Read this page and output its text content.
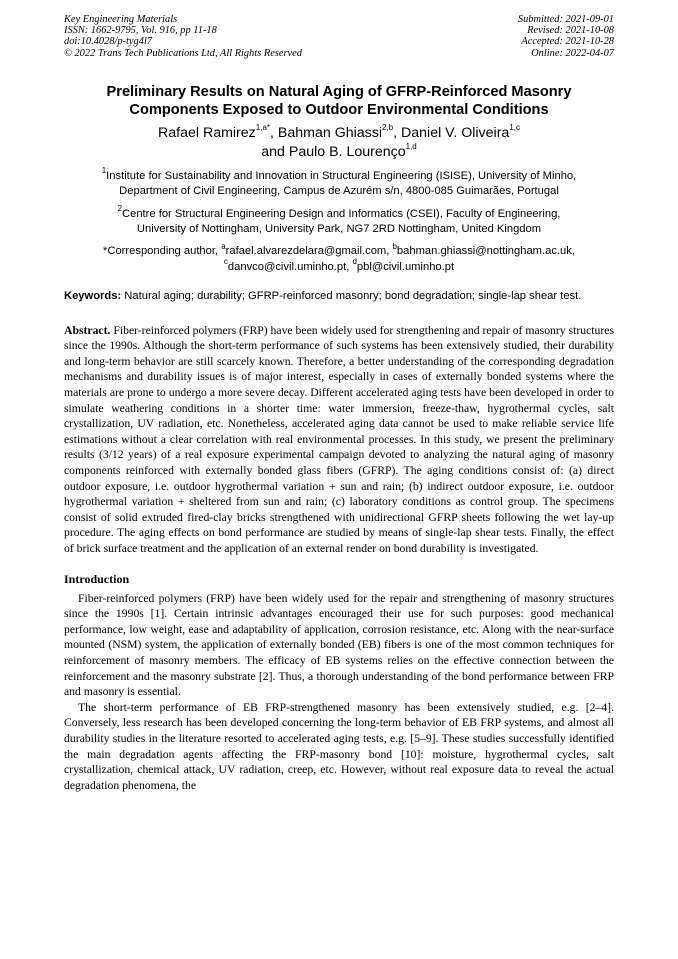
Key Engineering Materials
ISSN: 1662-9795, Vol. 916, pp 11-18
doi:10.4028/p-tyg4l7
© 2022 Trans Tech Publications Ltd, All Rights Reserved
Submitted: 2021-09-01
Revised: 2021-10-08
Accepted: 2021-10-28
Online: 2022-04-07
Preliminary Results on Natural Aging of GFRP-Reinforced Masonry
Components Exposed to Outdoor Environmental Conditions
Rafael Ramirez$^{1,a*}$, Bahman Ghiassi$^{2,b}$, Daniel V. Oliveira$^{1,c}$
and Paulo B. Lourenço$^{1,d}$
$^1$Institute for Sustainability and Innovation in Structural Engineering (ISISE), University of Minho,
Department of Civil Engineering, Campus de Azurém s/n, 4800-085 Guimarães, Portugal
$^2$Centre for Structural Engineering Design and Informatics (CSEI), Faculty of Engineering,
University of Nottingham, University Park, NG7 2RD Nottingham, United Kingdom
*Corresponding author, $^a$rafael.alvarezdelara@gmail.com, $^b$bahman.ghiassi@nottingham.ac.uk,
$^c$danvco@civil.uminho.pt, $^d$pbl@civil.uminho.pt
Keywords: Natural aging; durability; GFRP-reinforced masonry; bond degradation; single-lap shear test.
Abstract. Fiber-reinforced polymers (FRP) have been widely used for strengthening and repair of masonry structures since the 1990s. Although the short-term performance of such systems has been extensively studied, their durability and long-term behavior are still scarcely known. Therefore, a better understanding of the corresponding degradation mechanisms and durability issues is of major interest, especially in cases of externally bonded systems where the materials are prone to undergo a more severe decay. Different accelerated aging tests have been developed in order to simulate weathering conditions in a shorter time: water immersion, freeze-thaw, hygrothermal cycles, salt crystallization, UV radiation, etc. Nonetheless, accelerated aging data cannot be used to make reliable service life estimations without a clear correlation with real environmental processes. In this study, we present the preliminary results (3/12 years) of a real exposure experimental campaign devoted to analyzing the natural aging of masonry components reinforced with externally bonded glass fibers (GFRP). The aging conditions consist of: (a) direct outdoor exposure, i.e. outdoor hygrothermal variation + sun and rain; (b) indirect outdoor exposure, i.e. outdoor hygrothermal variation + sheltered from sun and rain; (c) laboratory conditions as control group. The specimens consist of solid extruded fired-clay bricks strengthened with unidirectional GFRP sheets following the wet lay-up procedure. The aging effects on bond performance are studied by means of single-lap shear tests. Finally, the effect of brick surface treatment and the application of an external render on bond durability is investigated.
Introduction

Fiber-reinforced polymers (FRP) have been widely used for the repair and strengthening of masonry structures since the 1990s [1]. Certain intrinsic advantages encouraged their use for such purposes: good mechanical performance, low weight, ease and adaptability of application, corrosion resistance, etc. Along with the near-surface mounted (NSM) system, the application of externally bonded (EB) fibers is one of the most common techniques for reinforcement of masonry members. The efficacy of EB systems relies on the effective connection between the reinforcement and the masonry substrate [2]. Thus, a thorough understanding of the bond performance between FRP and masonry is essential.

The short-term performance of EB FRP-strengthened masonry has been extensively studied, e.g. [2–4]. Conversely, less research has been developed concerning the long-term behavior of EB FRP systems, and almost all durability studies in the literature resorted to accelerated aging tests, e.g. [5–9]. These studies successfully identified the main degradation agents affecting the FRP-masonry bond [10]: moisture, hygrothermal cycles, salt crystallization, chemical attack, UV radiation, creep, etc. However, without real exposure data to reveal the actual degradation phenomena, the
